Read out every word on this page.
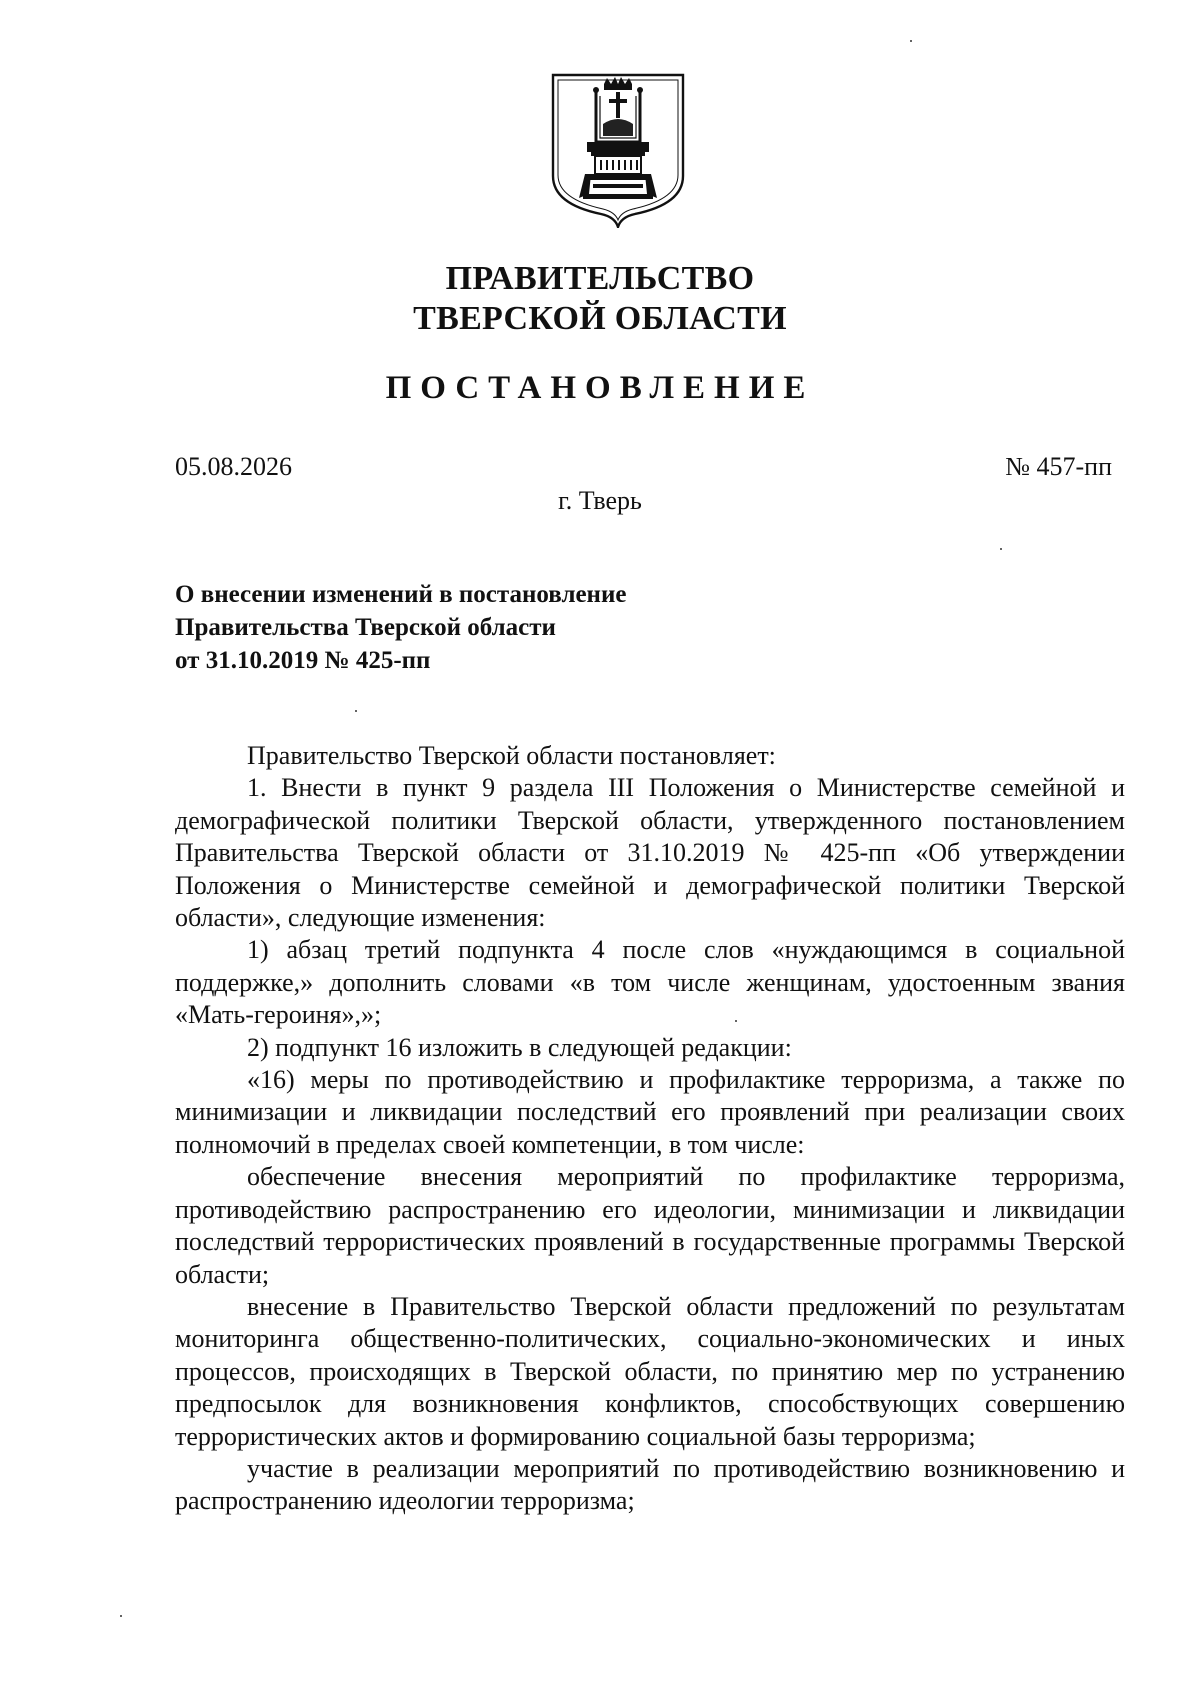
ПРАВИТЕЛЬСТВО
ТВЕРСКОЙ ОБЛАСТИ
ПОСТАНОВЛЕНИЕ
05.08.2026	№ 457-пп
г. Тверь
О внесении изменений в постановление
Правительства Тверской области
от 31.10.2019 № 425-пп

Правительство Тверской области постановляет:

1. Внести в пункт 9 раздела III Положения о Министерстве семейной и демографической политики Тверской области, утвержденного постановлением Правительства Тверской области от 31.10.2019 № 425-пп «Об утверждении Положения о Министерстве семейной и демографической политики Тверской области», следующие изменения:

1) абзац третий подпункта 4 после слов «нуждающимся в социальной поддержке,» дополнить словами «в том числе женщинам, удостоенным звания «Мать-героиня»,»;

2) подпункт 16 изложить в следующей редакции:

«16) меры по противодействию и профилактике терроризма, а также по минимизации и ликвидации последствий его проявлений при реализации своих полномочий в пределах своей компетенции, в том числе:

обеспечение внесения мероприятий по профилактике терроризма, противодействию распространению его идеологии, минимизации и ликвидации последствий террористических проявлений в государственные программы Тверской области;

внесение в Правительство Тверской области предложений по результатам мониторинга общественно-политических, социально-экономических и иных процессов, происходящих в Тверской области, по принятию мер по устранению предпосылок для возникновения конфликтов, способствующих совершению террористических актов и формированию социальной базы терроризма;

участие в реализации мероприятий по противодействию возникновению и распространению идеологии терроризма;
